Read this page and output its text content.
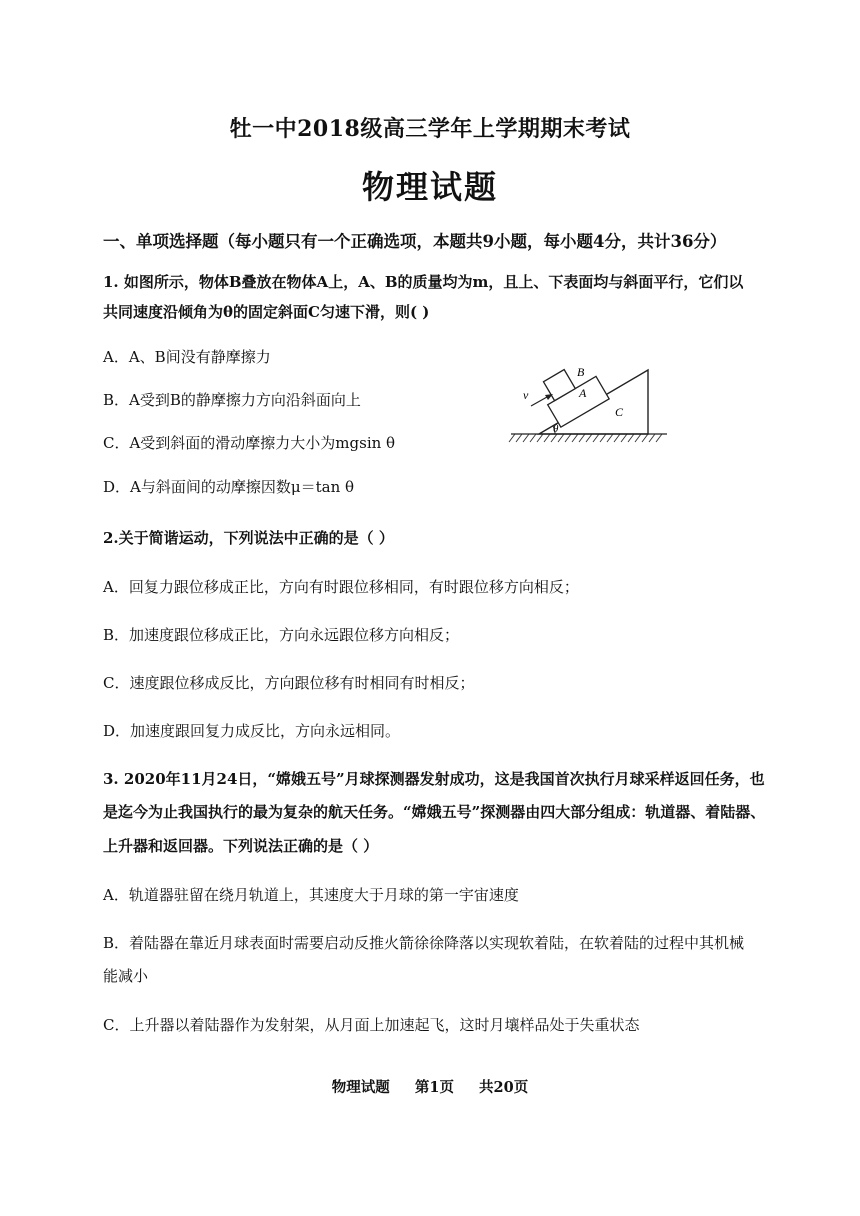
牡一中2018级高三学年上学期期末考试
物理试题
一、单项选择题（每小题只有一个正确选项，本题共9小题，每小题4分，共计36分）
1. 如图所示，物体B叠放在物体A上，A、B的质量均为m，且上、下表面均与斜面平行，它们以
共同速度沿倾角为θ的固定斜面C匀速下滑，则( )
A．A、B间没有静摩擦力
B．A受到B的静摩擦力方向沿斜面向上
C．A受到斜面的滑动摩擦力大小为mgsin θ
D．A与斜面间的动摩擦因数μ＝tan θ
B
A
C
v
θ
2.关于简谐运动，下列说法中正确的是（ ）
A．回复力跟位移成正比，方向有时跟位移相同，有时跟位移方向相反；
B．加速度跟位移成正比，方向永远跟位移方向相反；
C．速度跟位移成反比，方向跟位移有时相同有时相反；
D．加速度跟回复力成反比，方向永远相同。
3. 2020年11月24日，“嫦娥五号”月球探测器发射成功，这是我国首次执行月球采样返回任务，也
是迄今为止我国执行的最为复杂的航天任务。“嫦娥五号”探测器由四大部分组成：轨道器、着陆器、
上升器和返回器。下列说法正确的是（ ）
A．轨道器驻留在绕月轨道上，其速度大于月球的第一宇宙速度
B．着陆器在靠近月球表面时需要启动反推火箭徐徐降落以实现软着陆，在软着陆的过程中其机械
能减小
C．上升器以着陆器作为发射架，从月面上加速起飞，这时月壤样品处于失重状态
物理试题 第1页 共20页
